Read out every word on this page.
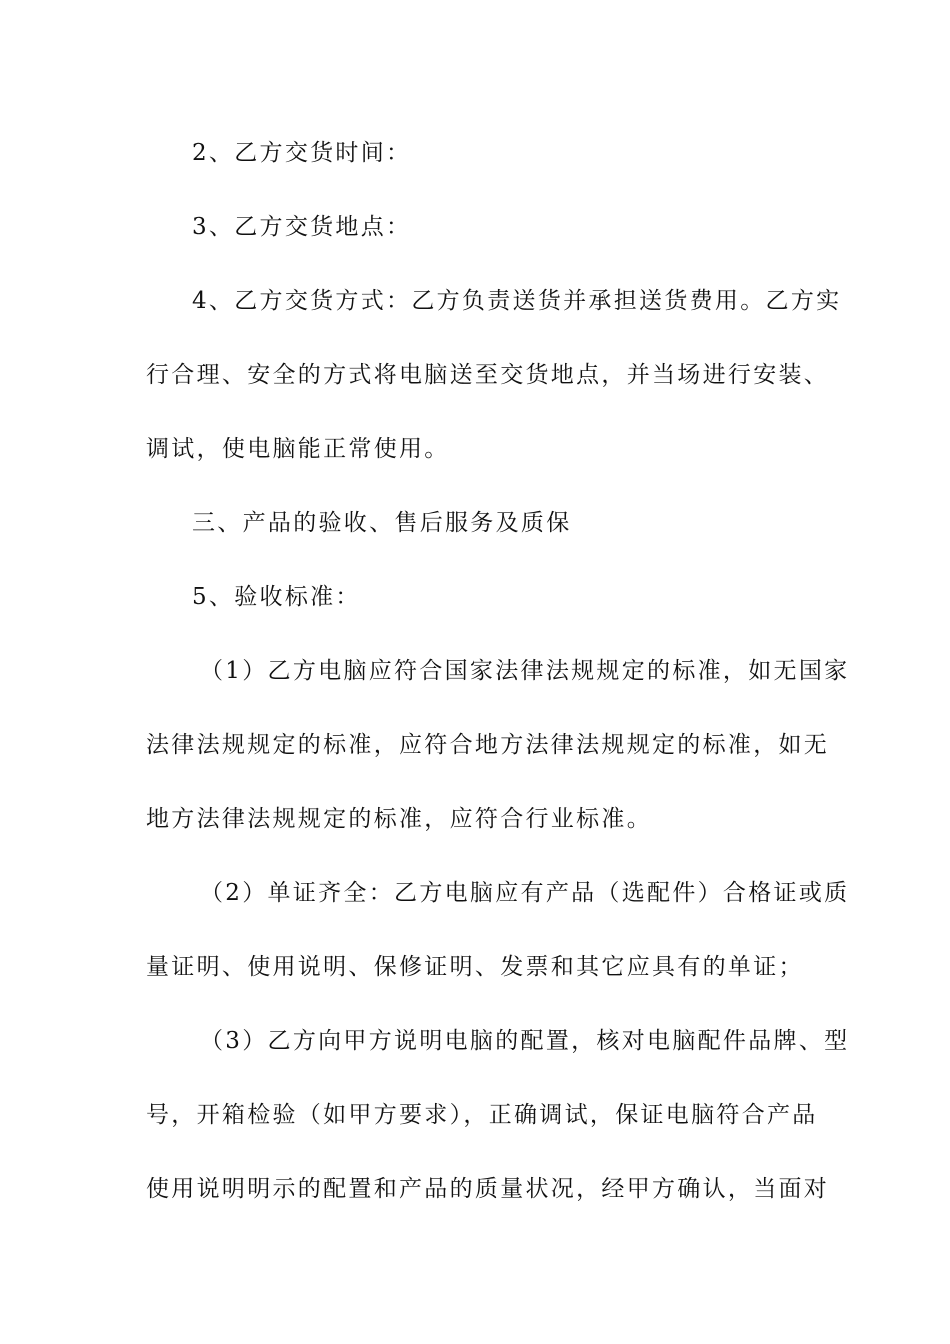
2、乙方交货时间：
3、乙方交货地点：
4、乙方交货方式：乙方负责送货并承担送货费用。乙方实
行合理、安全的方式将电脑送至交货地点，并当场进行安装、
调试，使电脑能正常使用。
三、产品的验收、售后服务及质保
5、验收标准：
（1）乙方电脑应符合国家法律法规规定的标准，如无国家
法律法规规定的标准，应符合地方法律法规规定的标准，如无
地方法律法规规定的标准，应符合行业标准。
（2）单证齐全：乙方电脑应有产品（选配件）合格证或质
量证明、使用说明、保修证明、发票和其它应具有的单证；
（3）乙方向甲方说明电脑的配置，核对电脑配件品牌、型
号，开箱检验（如甲方要求），正确调试，保证电脑符合产品
使用说明明示的配置和产品的质量状况，经甲方确认，当面对
